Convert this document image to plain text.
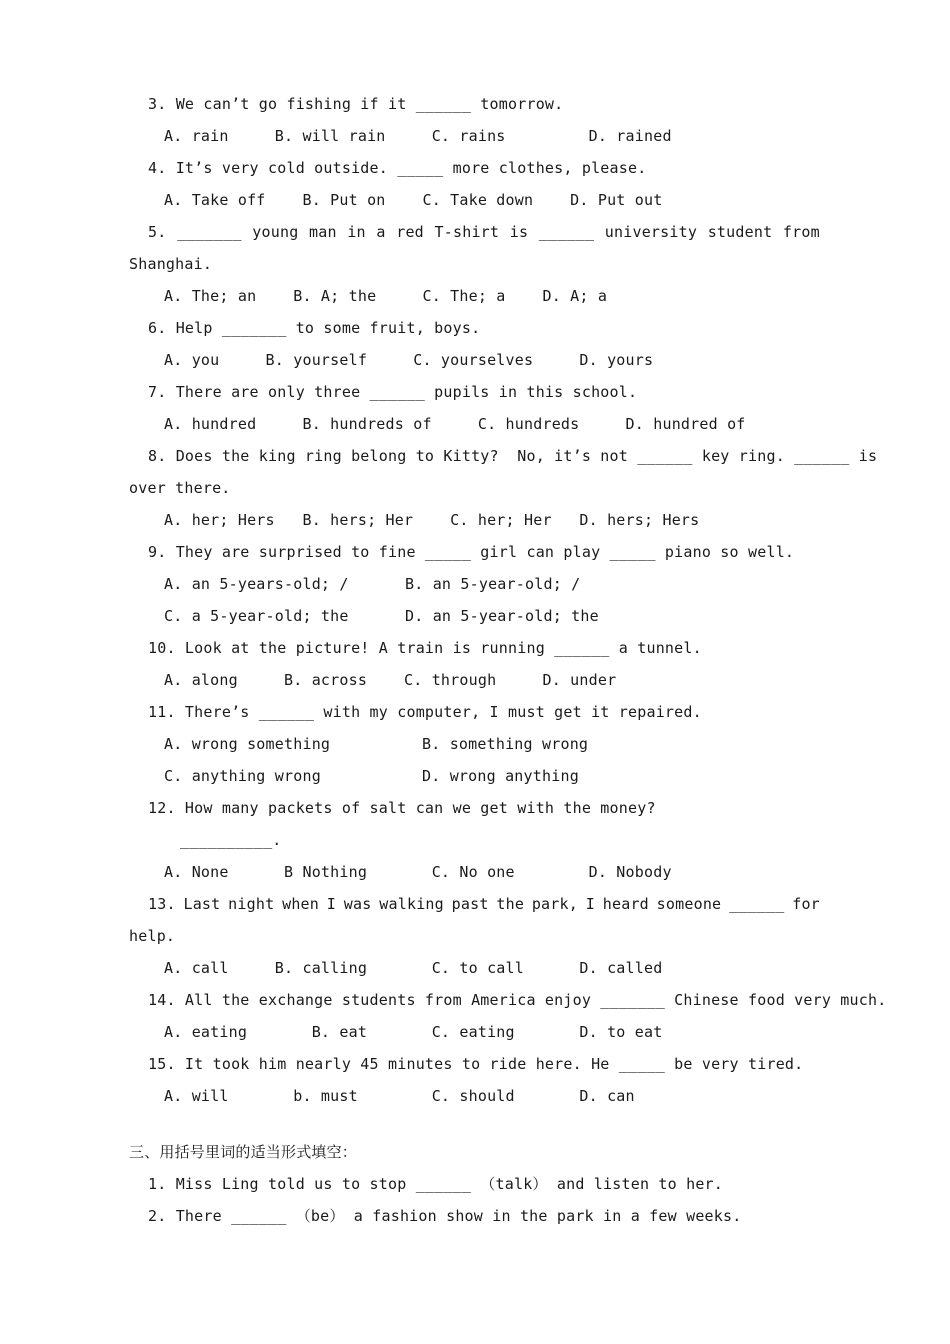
3. We can’t go fishing if it ______ tomorrow.
A. rain     B. will rain     C. rains         D. rained
4. It’s very cold outside. _____ more clothes, please.
A. Take off    B. Put on    C. Take down    D. Put out
5. _______ young man in a red T-shirt is ______ university student from
Shanghai.
A. The; an    B. A; the     C. The; a    D. A; a
6. Help _______ to some fruit, boys.
A. you     B. yourself     C. yourselves     D. yours
7. There are only three ______ pupils in this school.
A. hundred     B. hundreds of     C. hundreds     D. hundred of
8. Does the king ring belong to Kitty?  No, it’s not ______ key ring. ______ is
over there.
A. her; Hers   B. hers; Her    C. her; Her   D. hers; Hers
9. They are surprised to fine _____ girl can play _____ piano so well.
A. an 5-years-old; /	B. an 5-year-old; /
C. a 5-year-old; the	D. an 5-year-old; the
10. Look at the picture! A train is running ______ a tunnel.
A. along     B. across    C. through     D. under
11. There’s ______ with my computer, I must get it repaired.
A. wrong something	B. something wrong
C. anything wrong	D. wrong anything
12. How many packets of salt can we get with the money?
__________.
A. None      B Nothing       C. No one        D. Nobody
13. Last night when I was walking past the park, I heard someone ______ for
help.
A. call     B. calling       C. to call      D. called
14. All the exchange students from America enjoy _______ Chinese food very much.
A. eating       B. eat       C. eating       D. to eat
15. It took him nearly 45 minutes to ride here. He _____ be very tired.
A. will       b. must        C. should       D. can
三、用括号里词的适当形式填空：
1. Miss Ling told us to stop ______ （talk） and listen to her.
2. There ______ （be） a fashion show in the park in a few weeks.
